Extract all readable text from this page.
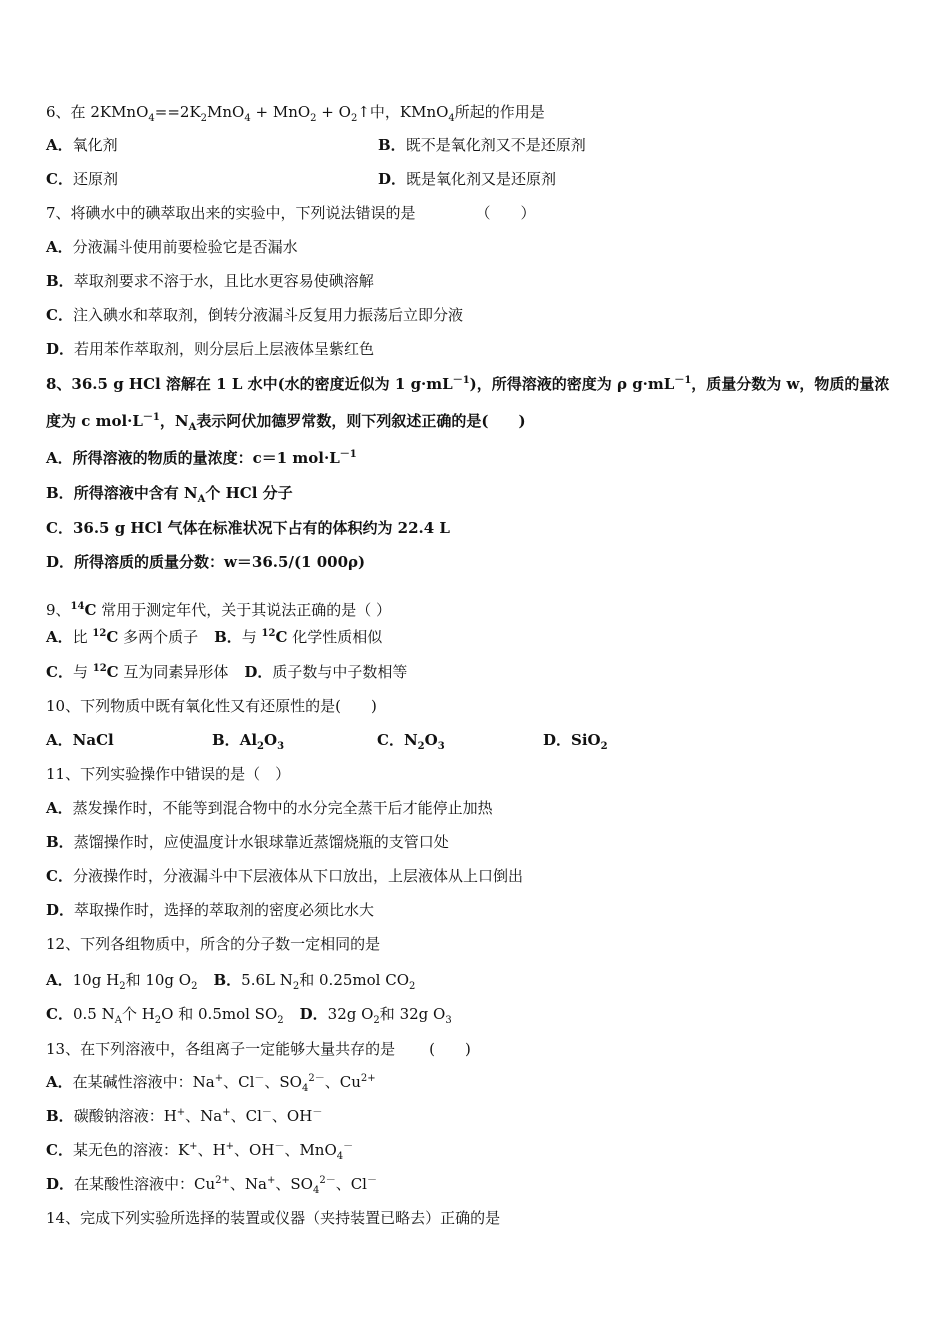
6、在 $2KMnO_4==2K_2MnO_4 + MnO_2$ + $O_2↑$中，KMnO$_4$所起的作用是
A．氧化剂	B．既不是氧化剂又不是还原剂
C．还原剂	D．既是氧化剂又是还原剂
7、将碘水中的碘萃取出来的实验中，下列说法错误的是	（　　）
A．分液漏斗使用前要检验它是否漏水
B．萃取剂要求不溶于水，且比水更容易使碘溶解
C．注入碘水和萃取剂，倒转分液漏斗反复用力振荡后立即分液
D．若用苯作萃取剂，则分层后上层液体呈紫红色
8、36.5 g HCl 溶解在 1 L 水中(水的密度近似为 1 $g\cdot mL^{-1}$)，所得溶液的密度为 ρ $g\cdot mL^{-1}$，质量分数为 w，物质的量浓
度为 c $mol\cdot L^{-1}$，$N_A$表示阿伏加德罗常数，则下列叙述正确的是(　　)
A．所得溶液的物质的量浓度：c＝1 $mol\cdot L^{-1}$
B．所得溶液中含有 $N_A$个 HCl 分子
C．36.5 g HCl 气体在标准状况下占有的体积约为 22.4 L
D．所得溶质的质量分数：w＝36.5/(1 000ρ)
9、$^{14}$C 常用于测定年代，关于其说法正确的是（ ）
A．比 $^{12}$C 多两个质子 B．与 $^{12}$C 化学性质相似
C．与 $^{12}$C 互为同素异形体 D．质子数与中子数相等
10、下列物质中既有氧化性又有还原性的是(　　)
A．NaCl	B．$Al_2O_3$	C．$N_2O_3$	D．SiO$_2$
11、下列实验操作中错误的是（　）
A．蒸发操作时，不能等到混合物中的水分完全蒸干后才能停止加热
B．蒸馏操作时，应使温度计水银球靠近蒸馏烧瓶的支管口处
C．分液操作时，分液漏斗中下层液体从下口放出，上层液体从上口倒出
D．萃取操作时，选择的萃取剂的密度必须比水大
12、下列各组物质中，所含的分子数一定相同的是
A．10g $H_2$和 10g $O_2$ B．5.6L $N_2$和 0.25mol $CO_2$
C．0.5 $N_A$个 $H_2O$ 和 0.5mol $SO_2$ D．32g $O_2$和 32g $O_3$
13、在下列溶液中，各组离子一定能够大量共存的是 (　　)
A．在某碱性溶液中：Na+、Cl－、$SO_4^{2-}$、$Cu^{2+}$
B．碳酸钠溶液：H+、Na+、Cl－、OH－
C．某无色的溶液：K+、H+、OH－、MnO$_4$－
D．在某酸性溶液中：$Cu^{2+}$、Na+、$SO_4^{2-}$、Cl－
14、完成下列实验所选择的装置或仪器（夹持装置已略去）正确的是
